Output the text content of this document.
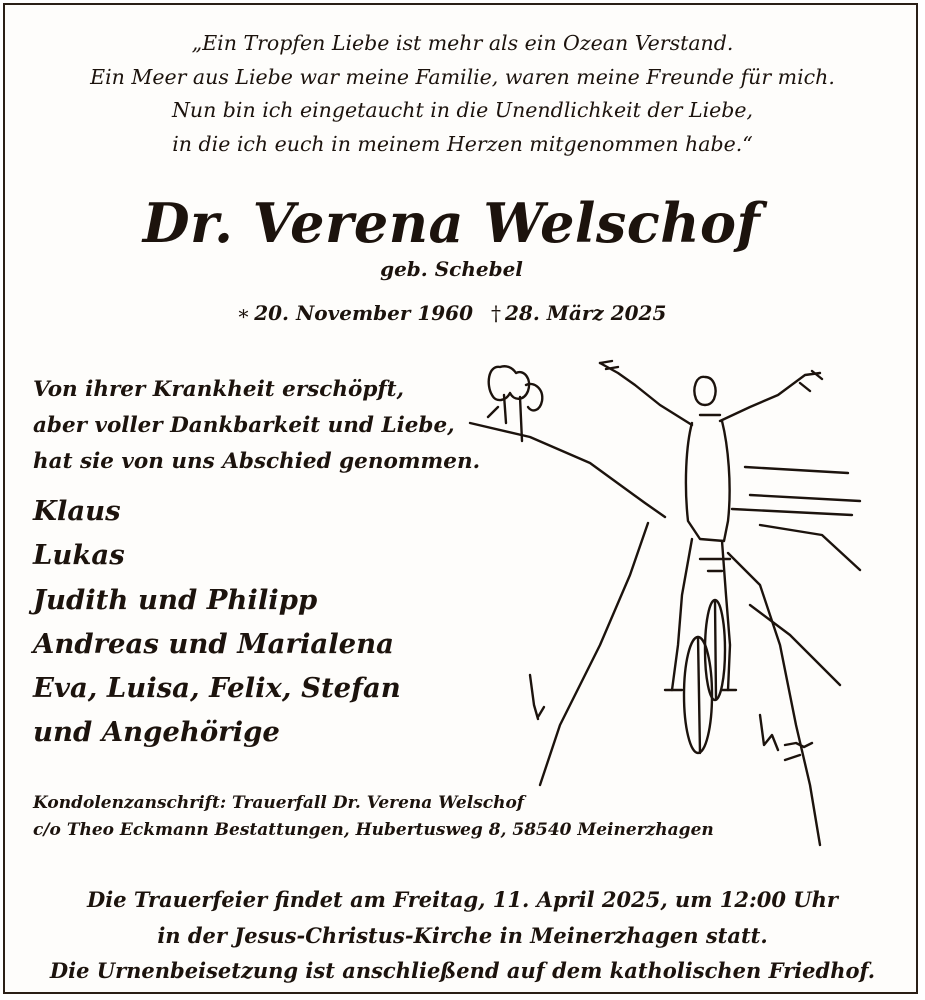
„Ein Tropfen Liebe ist mehr als ein Ozean Verstand.
Ein Meer aus Liebe war meine Familie, waren meine Freunde für mich.
Nun bin ich eingetaucht in die Unendlichkeit der Liebe,
in die ich euch in meinem Herzen mitgenommen habe.“
Dr. Verena Welschof
geb. Schebel
∗ 20. November 1960 † 28. März 2025
Von ihrer Krankheit erschöpft,
aber voller Dankbarkeit und Liebe,
hat sie von uns Abschied genommen.
Klaus
Lukas
Judith und Philipp
Andreas und Marialena
Eva, Luisa, Felix, Stefan
und Angehörige
Kondolenzanschrift: Trauerfall Dr. Verena Welschof
c/o Theo Eckmann Bestattungen, Hubertusweg 8, 58540 Meinerzhagen
Die Trauerfeier findet am Freitag, 11. April 2025, um 12:00 Uhr
in der Jesus-Christus-Kirche in Meinerzhagen statt.
Die Urnenbeisetzung ist anschließend auf dem katholischen Friedhof.
